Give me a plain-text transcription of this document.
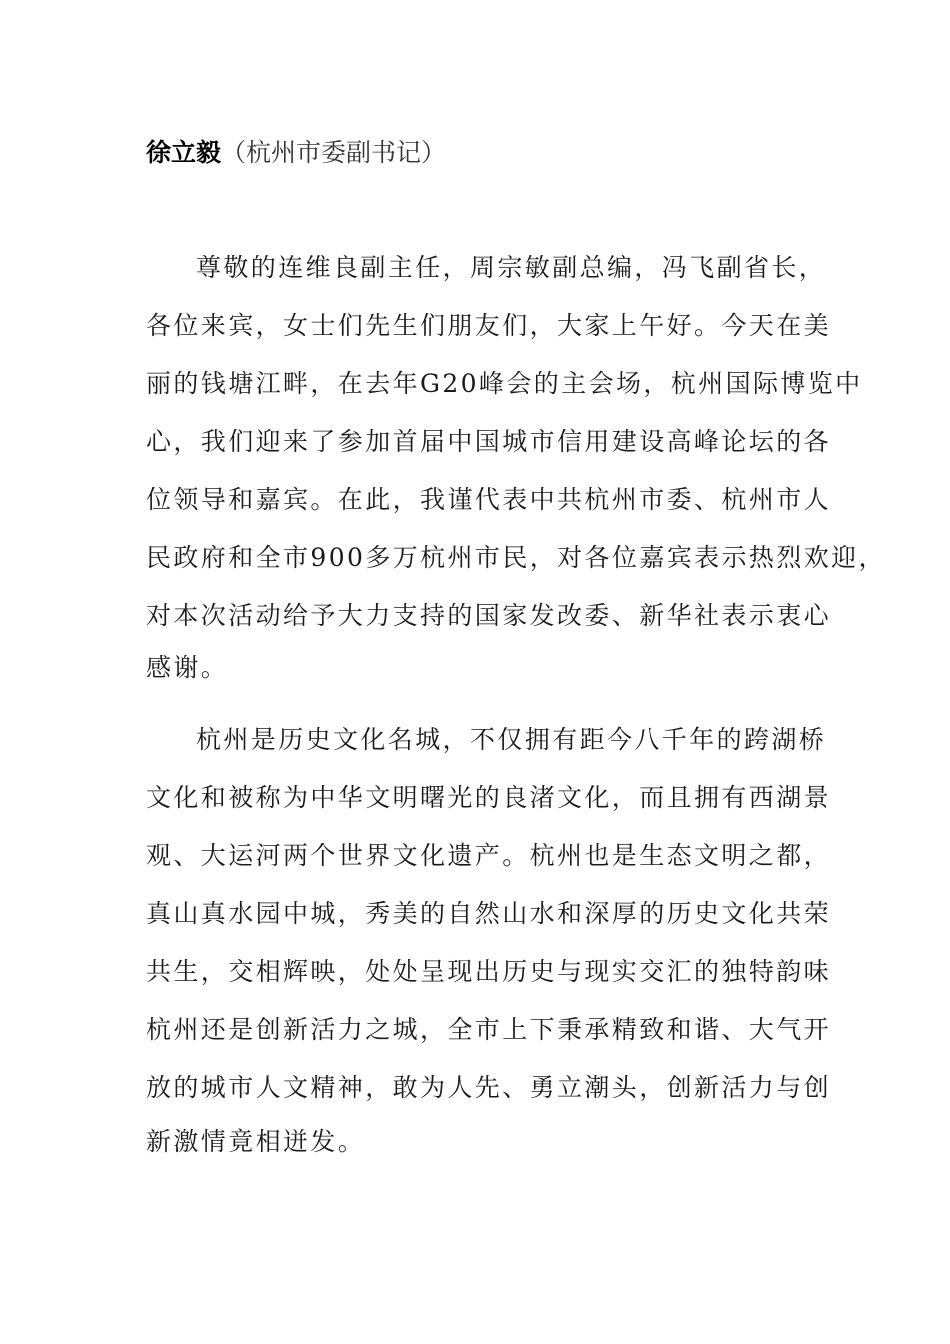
徐立毅（杭州市委副书记）
尊敬的连维良副主任，周宗敏副总编，冯飞副省长，
各位来宾，女士们先生们朋友们，大家上午好。今天在美
丽的钱塘江畔，在去年G20峰会的主会场，杭州国际博览中
心，我们迎来了参加首届中国城市信用建设高峰论坛的各
位领导和嘉宾。在此，我谨代表中共杭州市委、杭州市人
民政府和全市900多万杭州市民，对各位嘉宾表示热烈欢迎，
对本次活动给予大力支持的国家发改委、新华社表示衷心
感谢。
杭州是历史文化名城，不仅拥有距今八千年的跨湖桥
文化和被称为中华文明曙光的良渚文化，而且拥有西湖景
观、大运河两个世界文化遗产。杭州也是生态文明之都，
真山真水园中城，秀美的自然山水和深厚的历史文化共荣
共生，交相辉映，处处呈现出历史与现实交汇的独特韵味
杭州还是创新活力之城，全市上下秉承精致和谐、大气开
放的城市人文精神，敢为人先、勇立潮头，创新活力与创
新激情竟相迸发。
